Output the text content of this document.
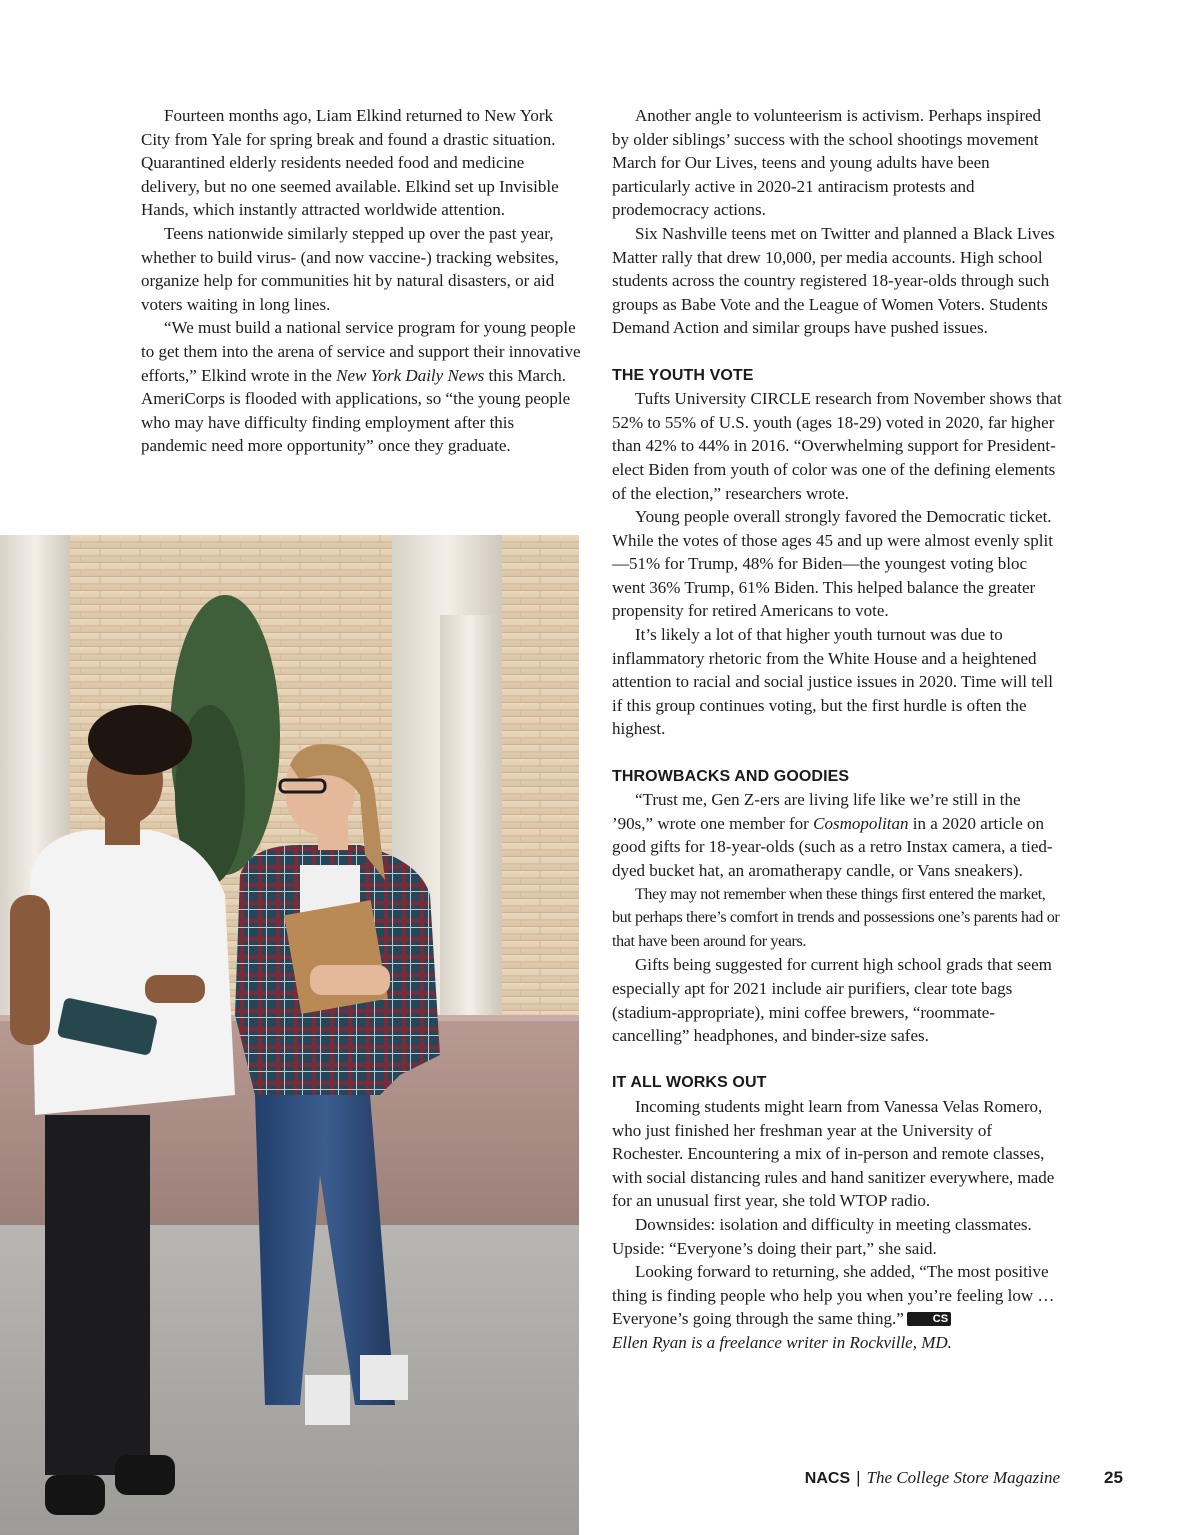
Fourteen months ago, Liam Elkind returned to New York City from Yale for spring break and found a drastic situation. Quarantined elderly residents needed food and medicine delivery, but no one seemed available. Elkind set up Invisible Hands, which instantly attracted worldwide attention.

Teens nationwide similarly stepped up over the past year, whether to build virus- (and now vaccine-) tracking websites, organize help for communities hit by natural disasters, or aid voters waiting in long lines.

“We must build a national service program for young people to get them into the arena of service and support their innovative efforts,” Elkind wrote in the New York Daily News this March. AmeriCorps is flooded with applications, so “the young people who may have difficulty finding employment after this pandemic need more opportunity” once they graduate.

Another angle to volunteerism is activism. Perhaps inspired by older siblings’ success with the school shootings movement March for Our Lives, teens and young adults have been particularly active in 2020-21 antiracism protests and prodemocracy actions.

Six Nashville teens met on Twitter and planned a Black Lives Matter rally that drew 10,000, per media accounts. High school students across the country registered 18-year-olds through such groups as Babe Vote and the League of Women Voters. Students Demand Action and similar groups have pushed issues.

THE YOUTH VOTE

Tufts University CIRCLE research from November shows that 52% to 55% of U.S. youth (ages 18-29) voted in 2020, far higher than 42% to 44% in 2016. “Overwhelming support for President-elect Biden from youth of color was one of the defining elements of the election,” researchers wrote.

Young people overall strongly favored the Democratic ticket. While the votes of those ages 45 and up were almost evenly split—51% for Trump, 48% for Biden—the youngest voting bloc went 36% Trump, 61% Biden. This helped balance the greater propensity for retired Americans to vote.

It’s likely a lot of that higher youth turnout was due to inflammatory rhetoric from the White House and a heightened attention to racial and social justice issues in 2020. Time will tell if this group continues voting, but the first hurdle is often the highest.

THROWBACKS AND GOODIES

“Trust me, Gen Z-ers are living life like we’re still in the ’90s,” wrote one member for Cosmopolitan in a 2020 article on good gifts for 18-year-olds (such as a retro Instax camera, a tied-dyed bucket hat, an aromatherapy candle, or Vans sneakers).

They may not remember when these things first entered the market, but perhaps there’s comfort in trends and possessions one’s parents had or that have been around for years.

Gifts being suggested for current high school grads that seem especially apt for 2021 include air purifiers, clear tote bags (stadium-appropriate), mini coffee brewers, “roommate-cancelling” headphones, and binder-size safes.

IT ALL WORKS OUT

Incoming students might learn from Vanessa Velas Romero, who just finished her freshman year at the University of Rochester. Encountering a mix of in-person and remote classes, with social distancing rules and hand sanitizer everywhere, made for an unusual first year, she told WTOP radio.

Downsides: isolation and difficulty in meeting classmates. Upside: “Everyone’s doing their part,” she said.

Looking forward to returning, she added, “The most positive thing is finding people who help you when you’re feeling low … Everyone’s going through the same thing.”	CS

Ellen Ryan is a freelance writer in Rockville, MD.

NACS | The College Store Magazine	25
